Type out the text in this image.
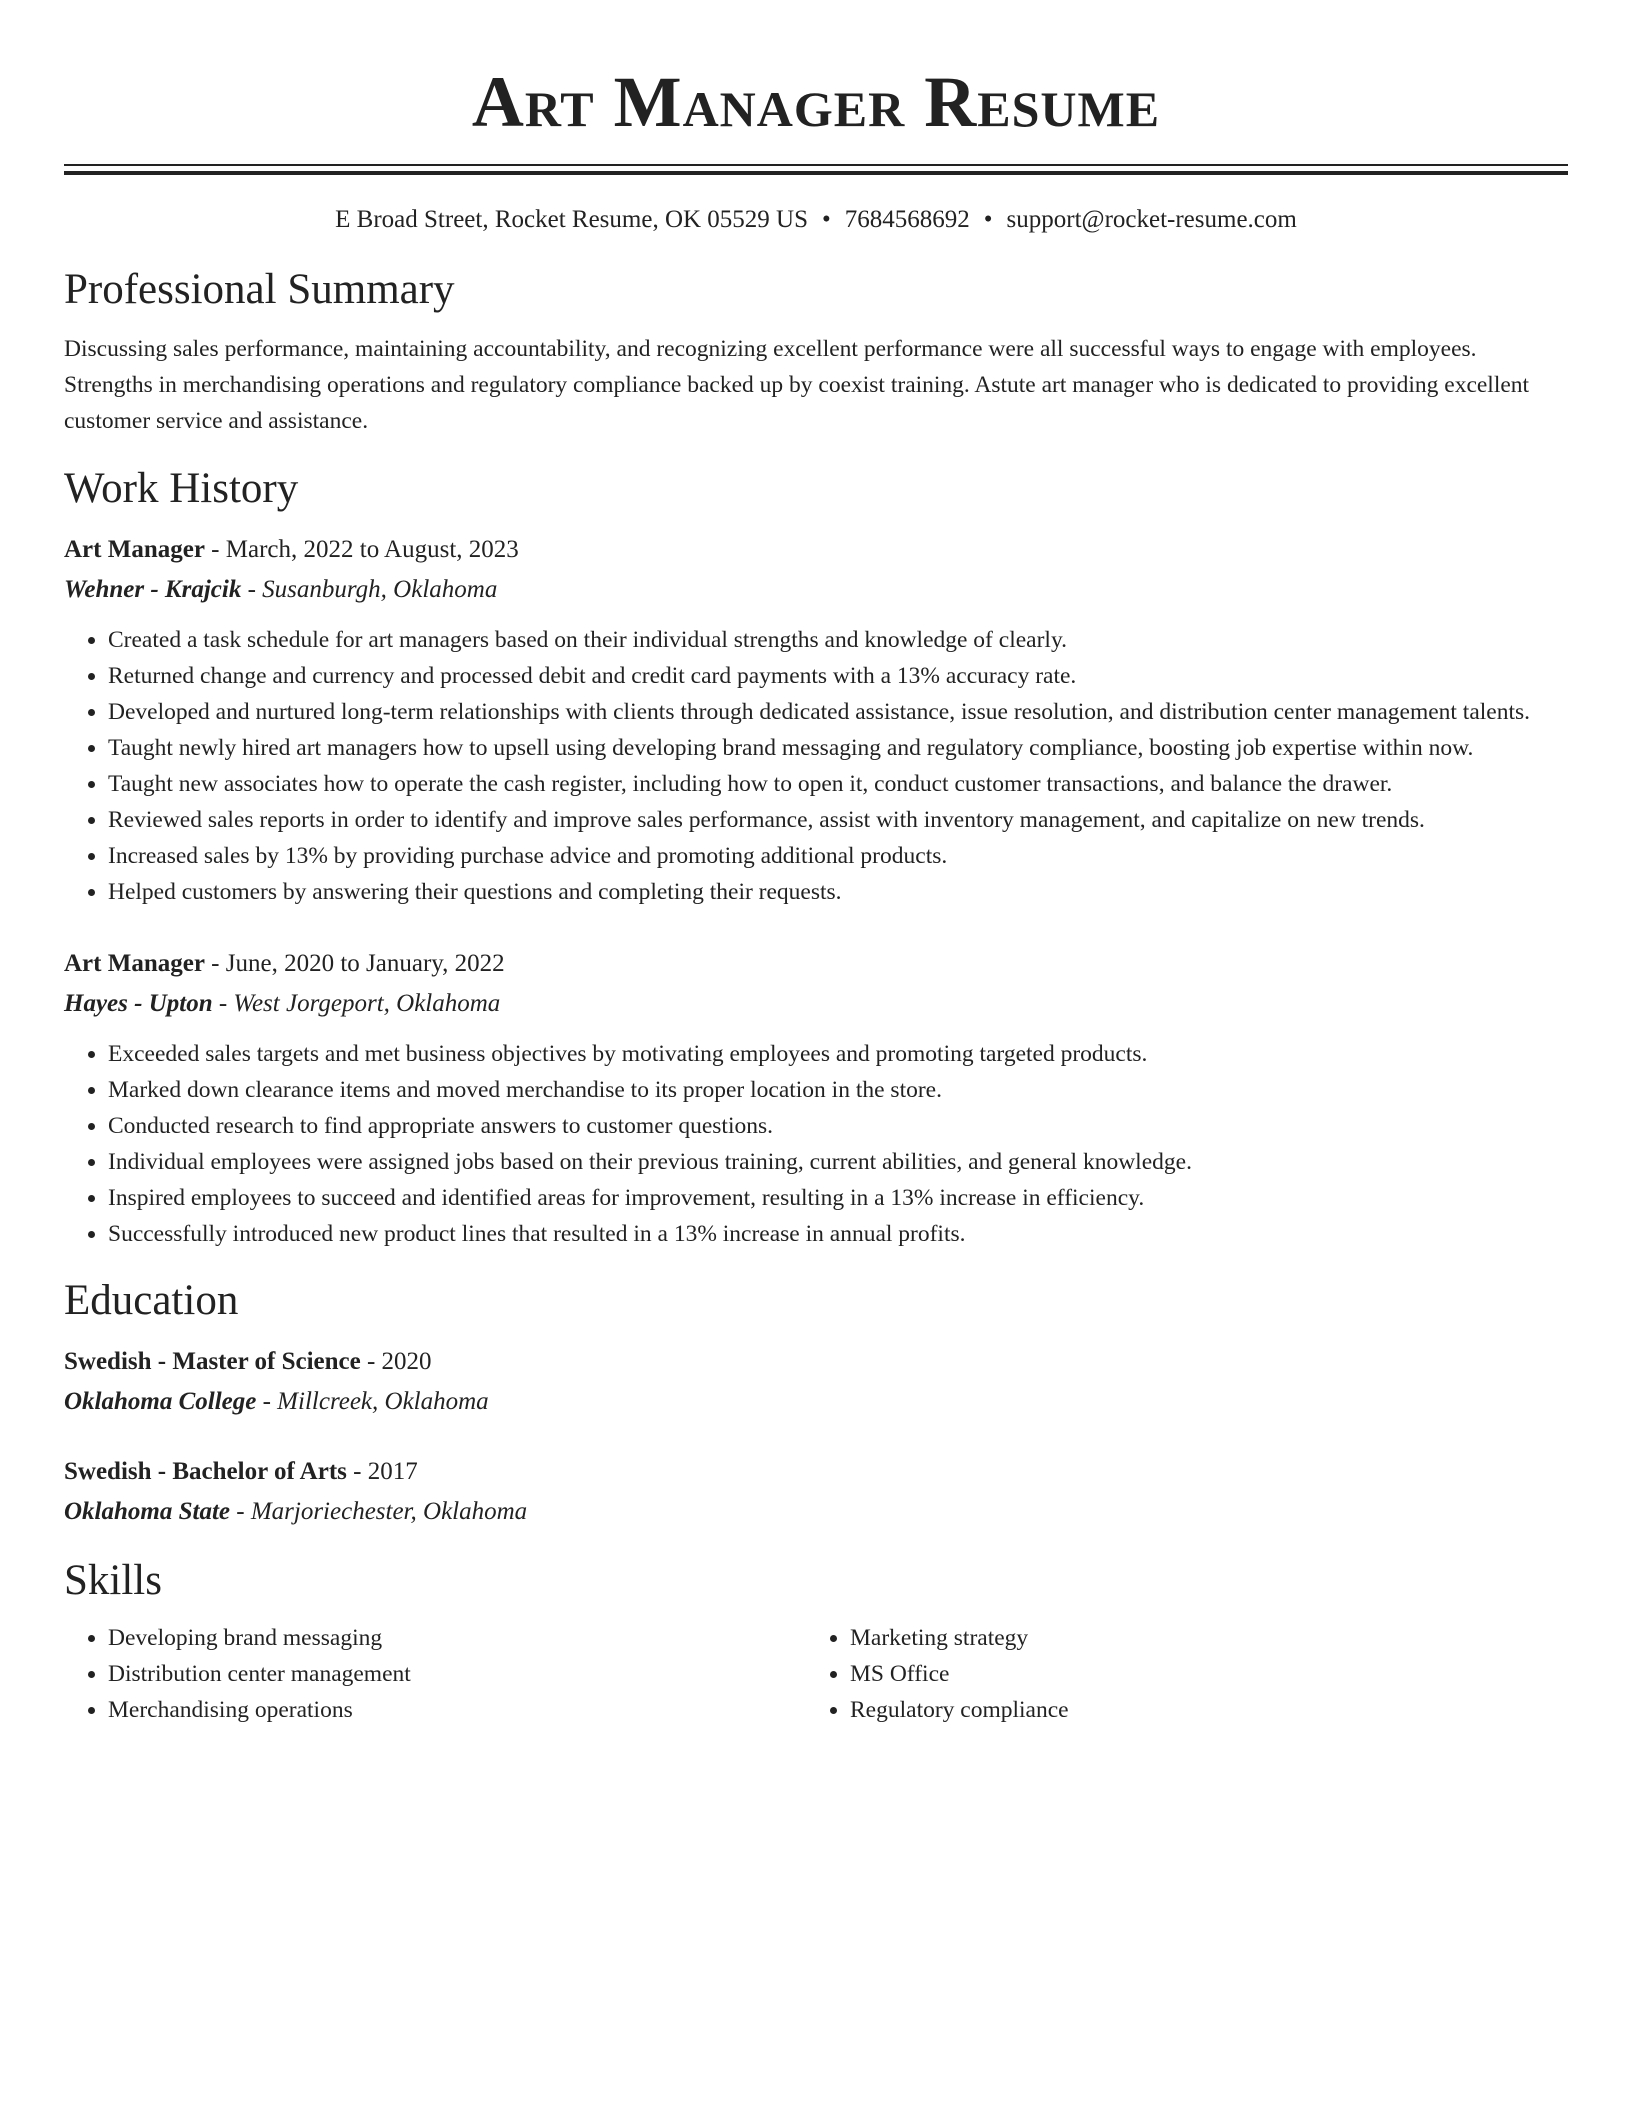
Art Manager Resume
E Broad Street, Rocket Resume, OK 05529 US • 7684568692 • support@rocket-resume.com
Professional Summary
Discussing sales performance, maintaining accountability, and recognizing excellent performance were all successful ways to engage with employees. Strengths in merchandising operations and regulatory compliance backed up by coexist training. Astute art manager who is dedicated to providing excellent customer service and assistance.
Work History
Art Manager - March, 2022 to August, 2023
Wehner - Krajcik - Susanburgh, Oklahoma
• Created a task schedule for art managers based on their individual strengths and knowledge of clearly.
• Returned change and currency and processed debit and credit card payments with a 13% accuracy rate.
• Developed and nurtured long-term relationships with clients through dedicated assistance, issue resolution, and distribution center management talents.
• Taught newly hired art managers how to upsell using developing brand messaging and regulatory compliance, boosting job expertise within now.
• Taught new associates how to operate the cash register, including how to open it, conduct customer transactions, and balance the drawer.
• Reviewed sales reports in order to identify and improve sales performance, assist with inventory management, and capitalize on new trends.
• Increased sales by 13% by providing purchase advice and promoting additional products.
• Helped customers by answering their questions and completing their requests.
Art Manager - June, 2020 to January, 2022
Hayes - Upton - West Jorgeport, Oklahoma
• Exceeded sales targets and met business objectives by motivating employees and promoting targeted products.
• Marked down clearance items and moved merchandise to its proper location in the store.
• Conducted research to find appropriate answers to customer questions.
• Individual employees were assigned jobs based on their previous training, current abilities, and general knowledge.
• Inspired employees to succeed and identified areas for improvement, resulting in a 13% increase in efficiency.
• Successfully introduced new product lines that resulted in a 13% increase in annual profits.
Education
Swedish - Master of Science - 2020
Oklahoma College - Millcreek, Oklahoma
Swedish - Bachelor of Arts - 2017
Oklahoma State - Marjoriechester, Oklahoma
Skills
• Developing brand messaging
• Distribution center management
• Merchandising operations
• Marketing strategy
• MS Office
• Regulatory compliance
